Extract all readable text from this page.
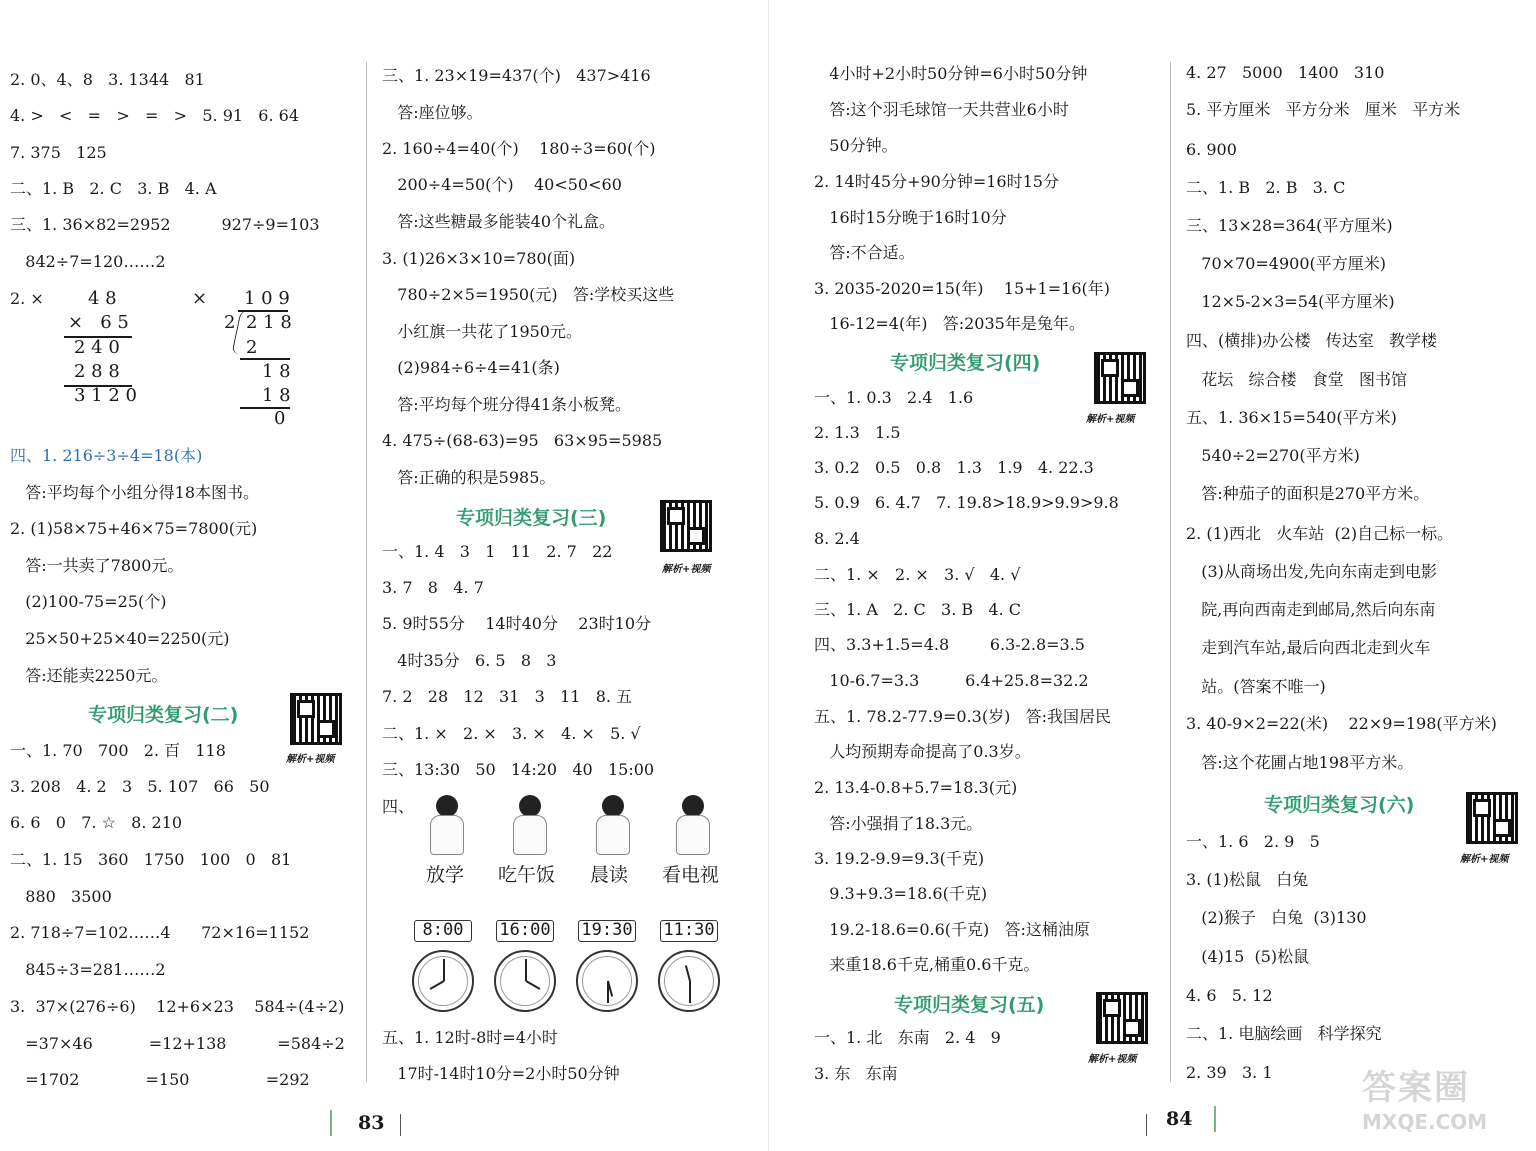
2. 0、4、8   3. 1344   81
4. >   <   =   >   =   >   5. 91   6. 64
7. 375   125
二、1. B   2. C   3. B   4. A
三、1. 36×82=2952          927÷9=103
842÷7=120……2
2. × 4 8
×   6 5
2 4 0
2 8 8
3 1 2 0
× 1 0 9
2 2 1 8
2
1 8
1 8
0
四、1. 216÷3÷4=18(本)
答:平均每个小组分得18本图书。
2. (1)58×75+46×75=7800(元)
答:一共卖了7800元。
(2)100-75=25(个)
25×50+25×40=2250(元)
答:还能卖2250元。
专项归类复习(二)
解析+视频
一、1. 70   700   2. 百   118
3. 208   4. 2   3   5. 107   66   50
6. 6   0   7. ☆   8. 210
二、1. 15   360   1750   100   0   81
880   3500
2. 718÷7=102……4      72×16=1152
845÷3=281……2
3.  37×(276÷6)    12+6×23    584÷(4÷2)
=37×46           =12+138          =584÷2
=1702             =150               =292
三、1. 23×19=437(个)   437>416
答:座位够。
2. 160÷4=40(个)    180÷3=60(个)
200÷4=50(个)    40<50<60
答:这些糖最多能装40个礼盒。
3. (1)26×3×10=780(面)
780÷2×5=1950(元)   答:学校买这些
小红旗一共花了1950元。
(2)984÷6÷4=41(条)
答:平均每个班分得41条小板凳。
4. 475÷(68-63)=95   63×95=5985
答:正确的积是5985。
专项归类复习(三)
解析+视频
一、1. 4   3   1   11   2. 7   22
3. 7   8   4. 7
5. 9时55分    14时40分    23时10分
4时35分   6. 5   8   3
7. 2   28   12   31   3   11   8. 五
二、1. ×   2. ×   3. ×   4. ×   5. √
三、13:30   50   14:20   40   15:00
四、
放学 吃午饭 晨读 看电视
8:00	16:00 19:30 11:30
五、1. 12时-8时=4小时
17时-14时10分=2小时50分钟
4小时+2小时50分钟=6小时50分钟
答:这个羽毛球馆一天共营业6小时
50分钟。
2. 14时45分+90分钟=16时15分
16时15分晚于16时10分
答:不合适。
3. 2035-2020=15(年)    15+1=16(年)
16-12=4(年)   答:2035年是兔年。
专项归类复习(四)
解析+视频
一、1. 0.3   2.4   1.6
2. 1.3   1.5
3. 0.2   0.5   0.8   1.3   1.9   4. 22.3
5. 0.9   6. 4.7   7. 19.8>18.9>9.9>9.8
8. 2.4
二、1. ×   2. ×   3. √   4. √
三、1. A   2. C   3. B   4. C
四、3.3+1.5=4.8        6.3-2.8=3.5
10-6.7=3.3         6.4+25.8=32.2
五、1. 78.2-77.9=0.3(岁)   答:我国居民
人均预期寿命提高了0.3岁。
2. 13.4-0.8+5.7=18.3(元)
答:小强捐了18.3元。
3. 19.2-9.9=9.3(千克)
9.3+9.3=18.6(千克)
19.2-18.6=0.6(千克)   答:这桶油原
来重18.6千克,桶重0.6千克。
专项归类复习(五)
解析+视频
一、1. 北   东南   2. 4   9
3. 东   东南
4. 27   5000   1400   310
5. 平方厘米   平方分米   厘米   平方米
6. 900
二、1. B   2. B   3. C
三、13×28=364(平方厘米)
70×70=4900(平方厘米)
12×5-2×3=54(平方厘米)
四、(横排)办公楼   传达室   教学楼
花坛   综合楼   食堂   图书馆
五、1. 36×15=540(平方米)
540÷2=270(平方米)
答:种茄子的面积是270平方米。
2. (1)西北   火车站  (2)自己标一标。
(3)从商场出发,先向东南走到电影
院,再向西南走到邮局,然后向东南
走到汽车站,最后向西北走到火车
站。(答案不唯一)
3. 40-9×2=22(米)    22×9=198(平方米)
答:这个花圃占地198平方米。
专项归类复习(六)
解析+视频
一、1. 6   2. 9   5
3. (1)松鼠   白兔
(2)猴子   白兔  (3)130
(4)15  (5)松鼠
4. 6   5. 12
二、1. 电脑绘画   科学探究
2. 39   3. 1
83	84
答案圈
MXQE.COM
